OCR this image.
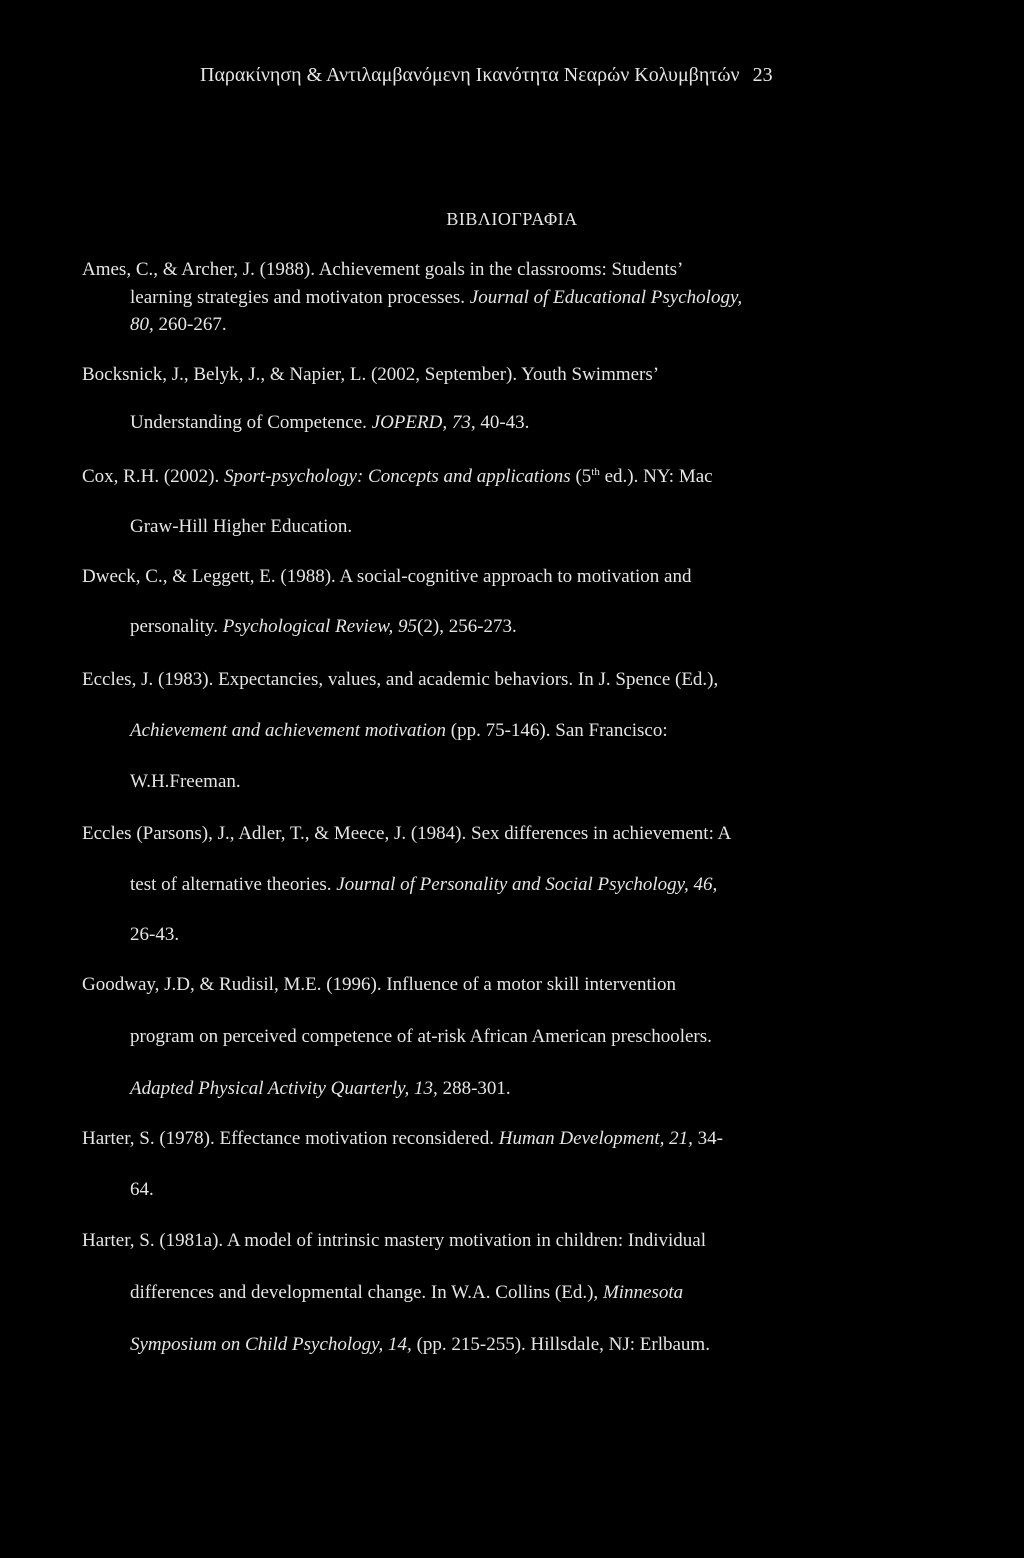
Παρακίνηση & Αντιλαμβανόμενη Ικανότητα Νεαρών Κολυμβητών 23
ΒΙΒΛΙΟΓΡΑΦΙΑ
Ames, C., & Archer, J. (1988). Achievement goals in the classrooms: Students’
learning strategies and motivaton processes. Journal of Educational Psychology,
80, 260-267.
Bocksnick, J., Belyk, J., & Napier, L. (2002, September). Youth Swimmers’
Understanding of Competence. JOPERD, 73, 40-43.
Cox, R.H. (2002). Sport-psychology: Concepts and applications (5th ed.). NY: Mac
Graw-Hill Higher Education.
Dweck, C., & Leggett, E. (1988). A social-cognitive approach to motivation and
personality. Psychological Review, 95(2), 256-273.
Eccles, J. (1983). Expectancies, values, and academic behaviors. In J. Spence (Ed.),
Achievement and achievement motivation (pp. 75-146). San Francisco:
W.H.Freeman.
Eccles (Parsons), J., Adler, T., & Meece, J. (1984). Sex differences in achievement: A
test of alternative theories. Journal of Personality and Social Psychology, 46,
26-43.
Goodway, J.D, & Rudisil, M.E. (1996). Influence of a motor skill intervention
program on perceived competence of at-risk African American preschoolers.
Adapted Physical Activity Quarterly, 13, 288-301.
Harter, S. (1978). Effectance motivation reconsidered. Human Development, 21, 34-
64.
Harter, S. (1981a). A model of intrinsic mastery motivation in children: Individual
differences and developmental change. In W.A. Collins (Ed.), Minnesota
Symposium on Child Psychology, 14, (pp. 215-255). Hillsdale, NJ: Erlbaum.
